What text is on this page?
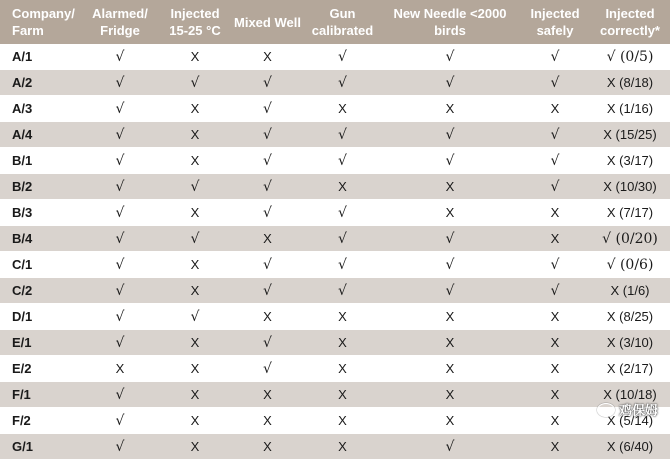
Company/ Farm	Alarmed/ Fridge	Injected 15-25 °C	Mixed Well	Gun calibrated	New Needle <2000 birds	Injected safely	Injected correctly*
A/1	√	X	X	√	√	√	√ (0/5)
A/2	√	√	√	√	√	√	X (8/18)
A/3	√	X	√	X	X	X	X (1/16)
A/4	√	X	√	√	√	√	X (15/25)
B/1	√	X	√	√	√	√	X (3/17)
B/2	√	√	√	X	X	√	X (10/30)
B/3	√	X	√	√	X	X	X (7/17)
B/4	√	√	X	√	√	X	√ (0/20)
C/1	√	X	√	√	√	√	√ (0/6)
C/2	√	X	√	√	√	√	X (1/6)
D/1	√	√	X	X	X	X	X (8/25)
E/1	√	X	√	X	X	X	X (3/10)
E/2	X	X	√	X	X	X	X (2/17)
F/1	√	X	X	X	X	X	X (10/18)
F/2	√	X	X	X	X	X	X (5/14)
G/1	√	X	X	X	√	X	X (6/40)
鸡保姆
